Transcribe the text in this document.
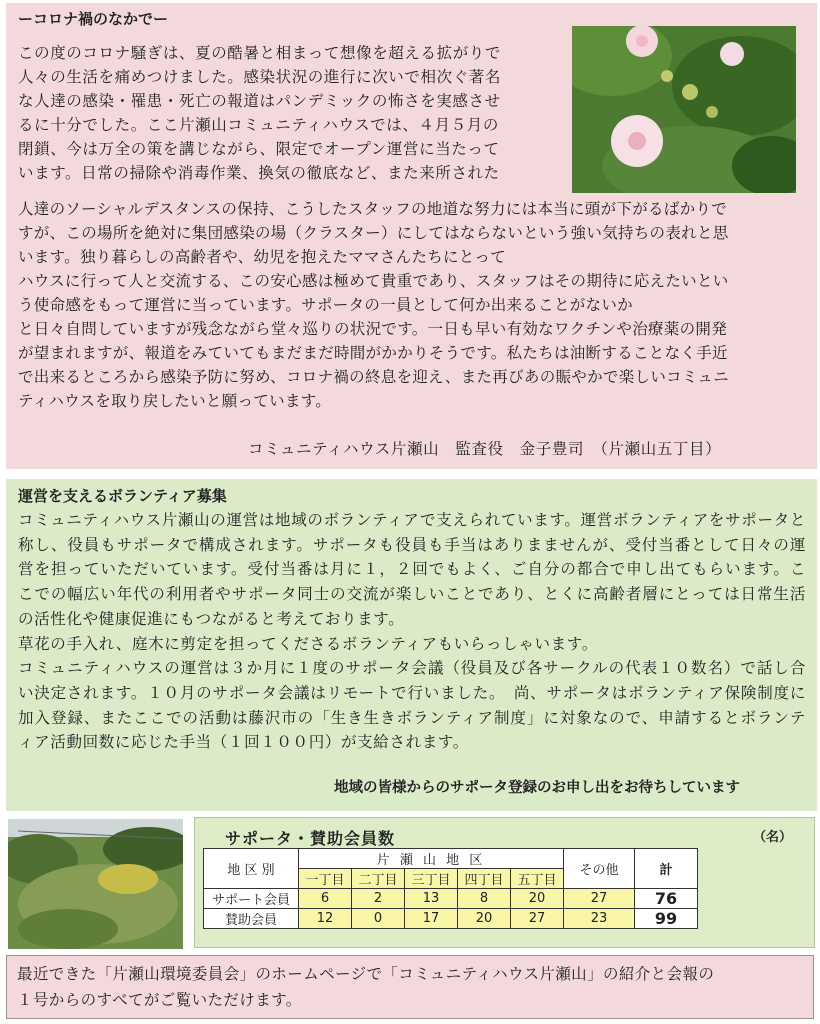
ーコロナ禍のなかでー
この度のコロナ騒ぎは、夏の酷暑と相まって想像を超える拡がりで
人々の生活を痛めつけました。感染状況の進行に次いで相次ぐ著名
な人達の感染・罹患・死亡の報道はパンデミックの怖さを実感させ
るに十分でした。ここ片瀬山コミュニティハウスでは、４月５月の
閉鎖、今は万全の策を講じながら、限定でオープン運営に当たって
います。日常の掃除や消毒作業、換気の徹底など、また来所された
人達のソーシャルデスタンスの保持、こうしたスタッフの地道な努力には本当に頭が下がるばかりで
すが、この場所を絶対に集団感染の場（クラスター）にしてはならないという強い気持ちの表れと思
います。独り暮らしの高齢者や、幼児を抱えたママさんたちにとって
ハウスに行って人と交流する、この安心感は極めて貴重であり、スタッフはその期待に応えたいとい
う使命感をもって運営に当っています。サポータの一員として何か出来ることがないか
と日々自問していますが残念ながら堂々巡りの状況です。一日も早い有効なワクチンや治療薬の開発
が望まれますが、報道をみていてもまだまだ時間がかかりそうです。私たちは油断することなく手近
で出来るところから感染予防に努め、コロナ禍の終息を迎え、また再びあの賑やかで楽しいコミュニ
ティハウスを取り戻したいと願っています。
コミュニティハウス片瀬山　監査役　金子豊司　（片瀬山五丁目）
運営を支えるボランティア募集
コミュニティハウス片瀬山の運営は地域のボランティアで支えられています。運営ボランティアをサポータと称し、役員もサポータで構成されます。サポータも役員も手当はありまませんが、受付当番として日々の運営を担っていただいています。受付当番は月に１，２回でもよく、ご自分の都合で申し出てもらいます。ここでの幅広い年代の利用者やサポータ同士の交流が楽しいことであり、とくに高齢者層にとっては日常生活の活性化や健康促進にもつながると考えております。
草花の手入れ、庭木に剪定を担ってくださるボランティアもいらっしゃいます。
コミュニティハウスの運営は３か月に１度のサポータ会議（役員及び各サークルの代表１０数名）で話し合い決定されます。１０月のサポータ会議はリモートで行いました。　尚、サポータはボランティア保険制度に加入登録、またここでの活動は藤沢市の「生き生きボランティア制度」に対象なので、申請するとボランティア活動回数に応じた手当（１回１００円）が支給されます。
地域の皆様からのサポータ登録のお申し出をお待ちしています
サポータ・賛助会員数	（名）
地 区 別	片 瀬 山 地 区					その他	計
	一丁目	二丁目	三丁目	四丁目	五丁目		
サポート会員	6	2	13	8	20	27	76
賛助会員	12	0	17	20	27	23	99
最近できた「片瀬山環境委員会」のホームページで「コミュニティハウス片瀬山」の紹介と会報の
１号からのすべてがご覧いただけます。
